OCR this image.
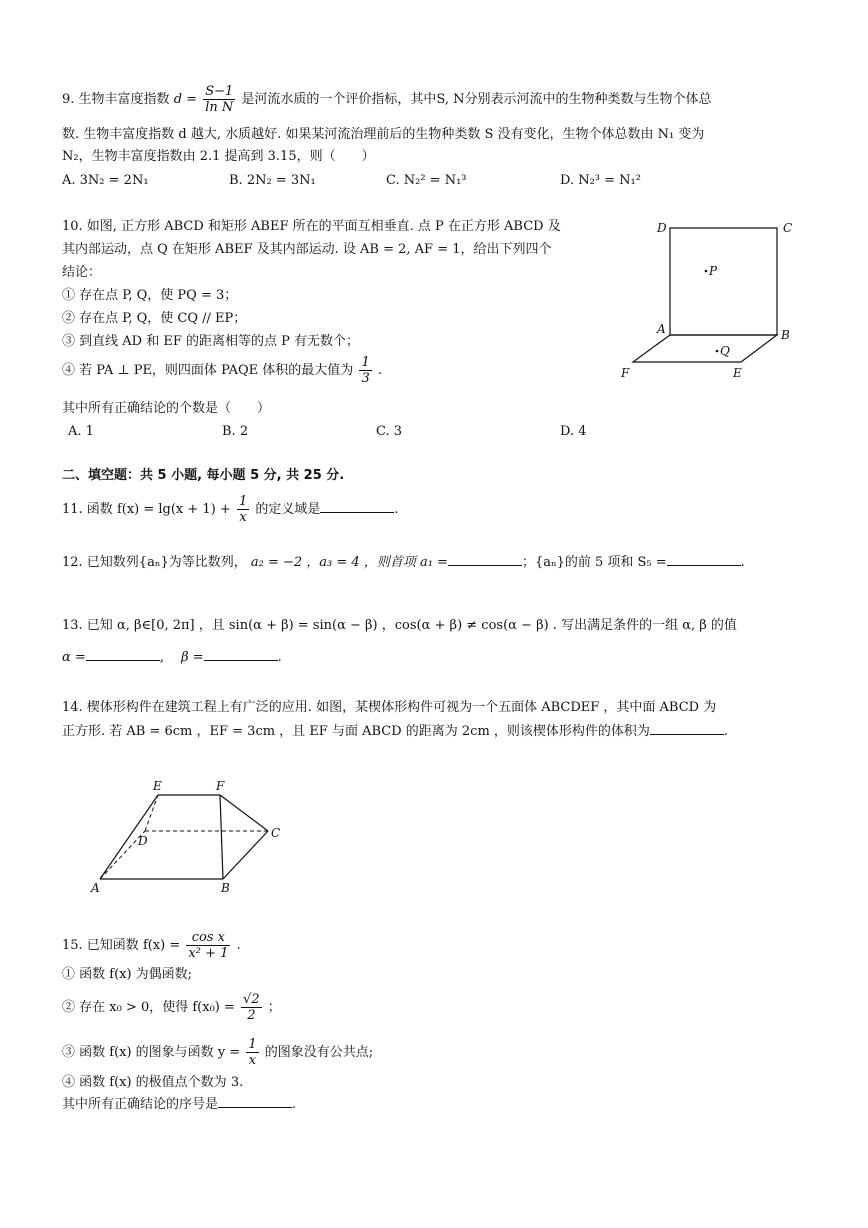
9. 生物丰富度指数 $d = \frac{S-1}{\text{ln N}}$ 是河流水质的一个评价指标，其中S, N分别表示河流中的生物种类数与生物个体总
数. 生物丰富度指数 d 越大, 水质越好. 如果某河流治理前后的生物种类数 S 没有变化，生物个体总数由 N₁ 变为
N₂，生物丰富度指数由 2.1 提高到 3.15，则（　　）
A. 3N₂ = 2N₁	B. 2N₂ = 3N₁	C. N₂² = N₁³	D. N₂³ = N₁²
10. 如图, 正方形 ABCD 和矩形 ABEF 所在的平面互相垂直. 点 P 在正方形 ABCD 及
其内部运动，点 Q 在矩形 ABEF 及其内部运动. 设 AB = 2, AF = 1，给出下列四个
结论：
① 存在点 P, Q，使 PQ = 3；
② 存在点 P, Q，使 CQ // EP；
③ 到直线 AD 和 EF 的距离相等的点 P 有无数个；
④ 若 PA ⊥ PE，则四面体 PAQE 体积的最大值为 $\frac{1}{3}$ .
其中所有正确结论的个数是（　　）
A. 1	B. 2	C. 3	D. 4
D	C
P
A	B
Q
F	E
二、填空题：共 5 小题, 每小题 5 分, 共 25 分.
11. 函数 $f(x) = \lg(x + 1) + \frac{1}{x}$ 的定义域是	.
12. 已知数列{aₙ}为等比数列， a₂ = −2 ，a₃ = 4 ，则首项 a₁ =	；{aₙ}的前 5 项和 S₅ =	.
13. 已知 α, β∈[0, 2π] ，且 sin(α + β) = sin(α − β) ，cos(α + β) ≠ cos(α − β) . 写出满足条件的一组 α, β 的值
α =	,　 β =	.
14. 楔体形构件在建筑工程上有广泛的应用. 如图，某楔体形构件可视为一个五面体 ABCDEF ，其中面 ABCD 为
正方形. 若 AB = 6cm ，EF = 3cm ，且 EF 与面 ABCD 的距离为 2cm ，则该楔体形构件的体积为	.
E	F
D
C
A	B
15. 已知函数 $f(x) = \frac{\text{cos x}}{\text{x² + 1}}$ .
① 函数 f(x) 为偶函数;
② 存在 x₀ > 0，使得 $f(x_0) = \frac{√2}{2}$ ；
③ 函数 f(x) 的图象与函数 $y = \frac{1}{x}$ 的图象没有公共点;
④ 函数 f(x) 的极值点个数为 3.
其中所有正确结论的序号是	.
